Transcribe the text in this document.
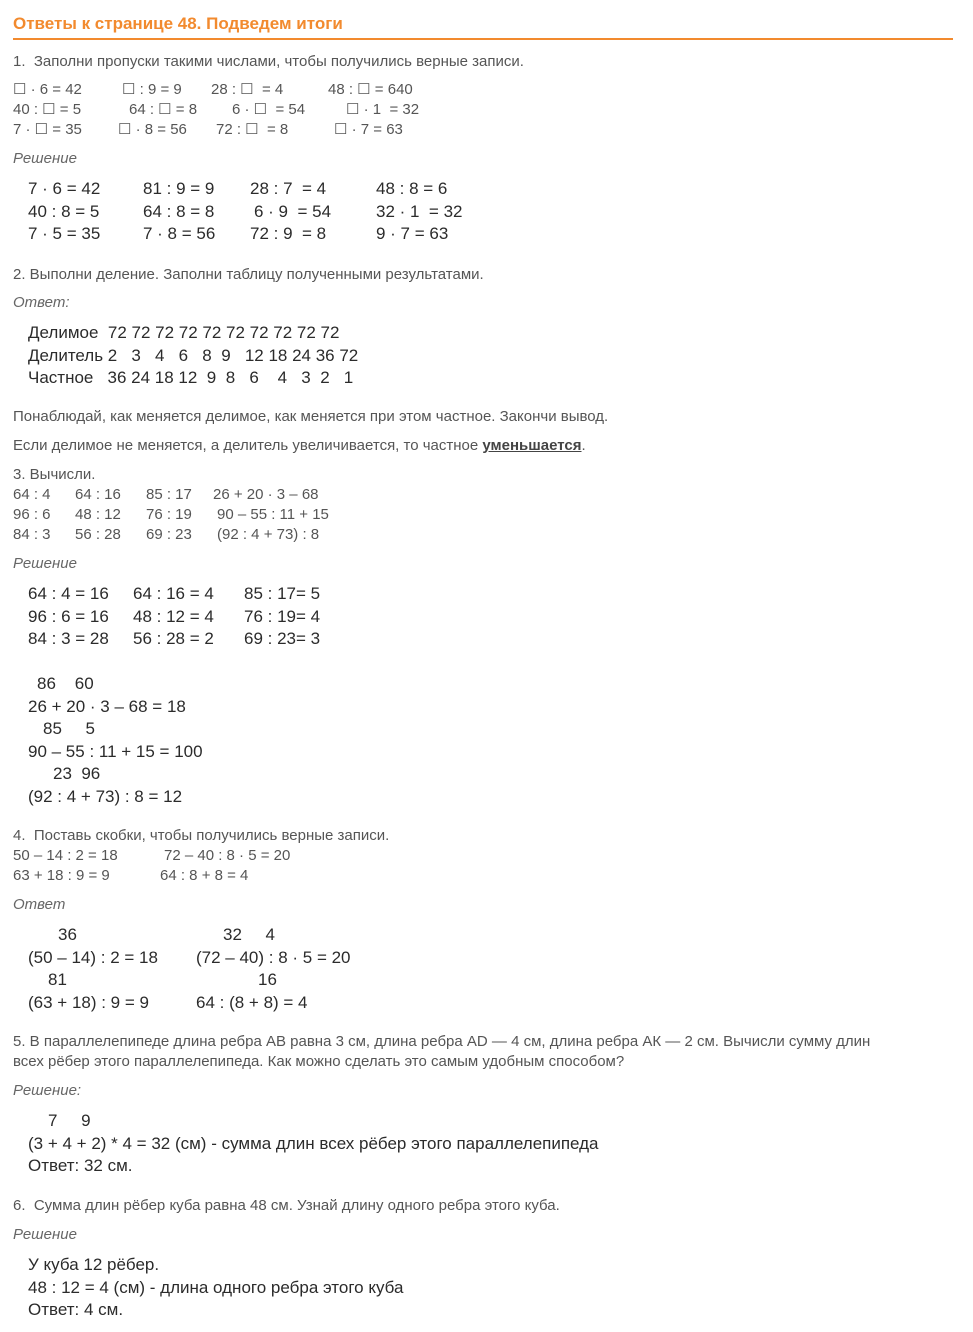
Ответы к странице 48. Подведем итоги
1.  Заполни пропуски такими числами, чтобы получились верные записи.
☐ · 6 = 42	☐ : 9 = 9 28 : ☐  = 4	48 : ☐ = 640
40 : ☐ = 5	64 : ☐ = 8 6 · ☐  = 54	☐ · 1  = 32
7 · ☐ = 35 ☐ · 8 = 56 72 : ☐  = 8	☐ · 7 = 63
Решение
7 · 6 = 42	81 : 9 = 9 28 : 7  = 4	48 : 8 = 6
40 : 8 = 5	64 : 8 = 8 6 · 9  = 54	32 · 1  = 32
7 · 5 = 35	7 · 8 = 56 72 : 9  = 8	9 · 7 = 63
2. Выполни деление. Заполни таблицу полученными результатами.
Ответ:
Делимое  72 72 72 72 72 72 72 72 72 72
Делитель 2   3   4   6   8  9   12 18 24 36 72
Частное   36 24 18 12  9  8   6    4   3  2   1
Понаблюдай, как меняется делимое, как меняется при этом частное. Закончи вывод.
Если делимое не меняется, а делитель увеличивается, то частное уменьшается.
3. Вычисли.
64 : 4 64 : 16 85 : 17 26 + 20 · 3 – 68
96 : 6 48 : 12 76 : 19 90 – 55 : 11 + 15
84 : 3 56 : 28 69 : 23 (92 : 4 + 73) : 8
Решение
64 : 4 = 16 64 : 16 = 4 85 : 17= 5
96 : 6 = 16 48 : 12 = 4 76 : 19= 4
84 : 3 = 28 56 : 28 = 2 69 : 23= 3
86    60
26 + 20 · 3 – 68 = 18
85     5
90 – 55 : 11 + 15 = 100
23  96
(92 : 4 + 73) : 8 = 12
4.  Поставь скобки, чтобы получились верные записи.
50 – 14 : 2 = 18	72 – 40 : 8 · 5 = 20
63 + 18 : 9 = 9	64 : 8 + 8 = 4
Ответ
36	32     4
(50 – 14) : 2 = 18 (72 – 40) : 8 · 5 = 20
81	16
(63 + 18) : 9 = 9	64 : (8 + 8) = 4
5. В параллелепипеде длина ребра АВ равна 3 см, длина ребра AD — 4 см, длина ребра АК — 2 см. Вычисли сумму длин
всех рёбер этого параллелепипеда. Как можно сделать это самым удобным способом?
Решение:
7     9
(3 + 4 + 2) * 4 = 32 (см) - сумма длин всех рёбер этого параллелепипеда
Ответ: 32 см.
6.  Сумма длин рёбер куба равна 48 см. Узнай длину одного ребра этого куба.
Решение
У куба 12 рёбер.
48 : 12 = 4 (см) - длина одного ребра этого куба
Ответ: 4 см.
